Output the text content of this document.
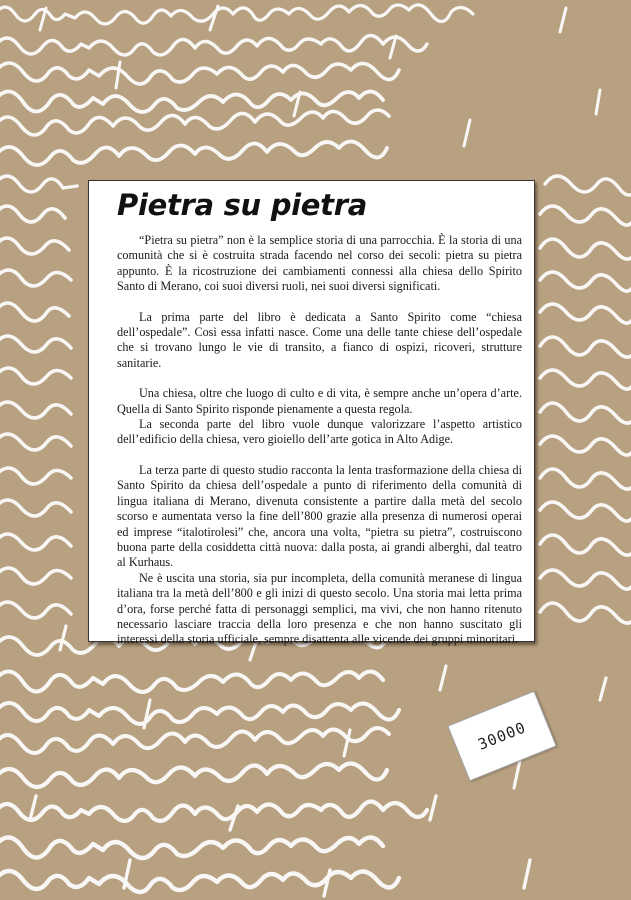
Pietra su pietra

“Pietra su pietra” non è la semplice storia di una parrocchia. È la storia di una comunità che si è costruita strada facendo nel corso dei secoli: pietra su pietra appunto. È la ricostruzione dei cambiamenti connessi alla chiesa dello Spirito Santo di Merano, coi suoi diversi ruoli, nei suoi diversi significati.

La prima parte del libro è dedicata a Santo Spirito come “chiesa dell’ospedale”. Così essa infatti nasce. Come una delle tante chiese dell’ospedale che si trovano lungo le vie di transito, a fianco di ospizi, ricoveri, strutture sanitarie.

Una chiesa, oltre che luogo di culto e di vita, è sempre anche un’opera d’arte. Quella di Santo Spirito risponde pienamente a questa regola.

La seconda parte del libro vuole dunque valorizzare l’aspetto artistico dell’edificio della chiesa, vero gioiello dell’arte gotica in Alto Adige.

La terza parte di questo studio racconta la lenta trasformazione della chiesa di Santo Spirito da chiesa dell’ospedale a punto di riferimento della comunità di lingua italiana di Merano, divenuta consistente a partire dalla metà del secolo scorso e aumentata verso la fine dell’800 grazie alla presenza di numerosi operai ed imprese “italotirolesi” che, ancora una volta, “pietra su pietra”, costruiscono buona parte della cosiddetta città nuova: dalla posta, ai grandi alberghi, dal teatro al Kurhaus.

Ne è uscita una storia, sia pur incompleta, della comunità meranese di lingua italiana tra la metà dell’800 e gli inizi di questo secolo. Una storia mai letta prima d’ora, forse perché fatta di personaggi semplici, ma vivi, che non hanno ritenuto necessario lasciare traccia della loro presenza e che non hanno suscitato gli interessi della storia ufficiale, sempre disattenta alle vicende dei gruppi minoritari.

30000
